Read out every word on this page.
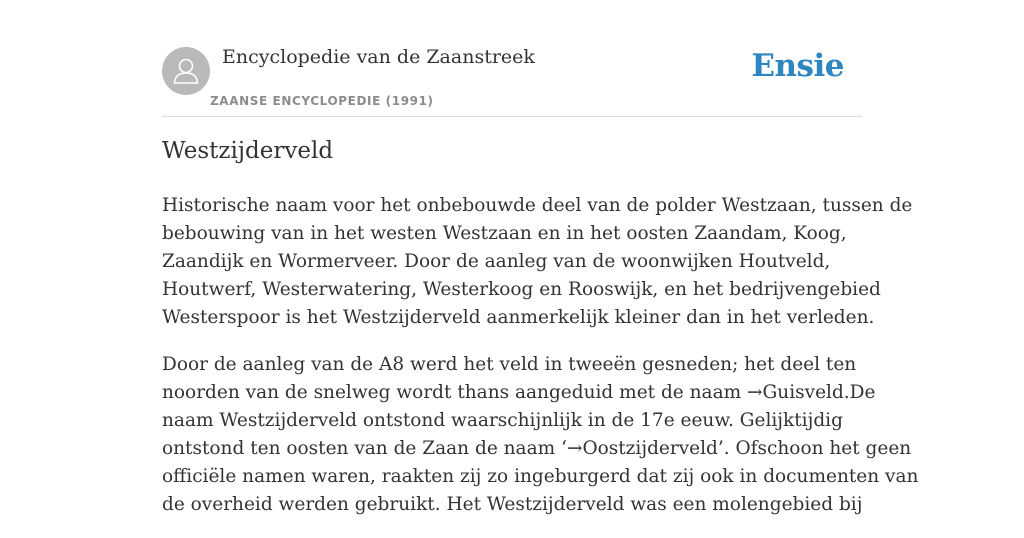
Encyclopedie van de Zaanstreek
ZAANSE ENCYCLOPEDIE (1991)
Ensie
Westzijderveld

Historische naam voor het onbebouwde deel van de polder Westzaan, tussen de
bebouwing van in het westen Westzaan en in het oosten Zaandam, Koog,
Zaandijk en Wormerveer. Door de aanleg van de woonwijken Houtveld,
Houtwerf, Westerwatering, Westerkoog en Rooswijk, en het bedrijvengebied
Westerspoor is het Westzijderveld aanmerkelijk kleiner dan in het verleden.

Door de aanleg van de A8 werd het veld in tweeën gesneden; het deel ten
noorden van de snelweg wordt thans aangeduid met de naam →Guisveld.De
naam Westzijderveld ontstond waarschijnlijk in de 17e eeuw. Gelijktijdig
ontstond ten oosten van de Zaan de naam ‘→Oostzijderveld’. Ofschoon het geen
officiële namen waren, raakten zij zo ingeburgerd dat zij ook in documenten van
de overheid werden gebruikt. Het Westzijderveld was een molengebied bij
